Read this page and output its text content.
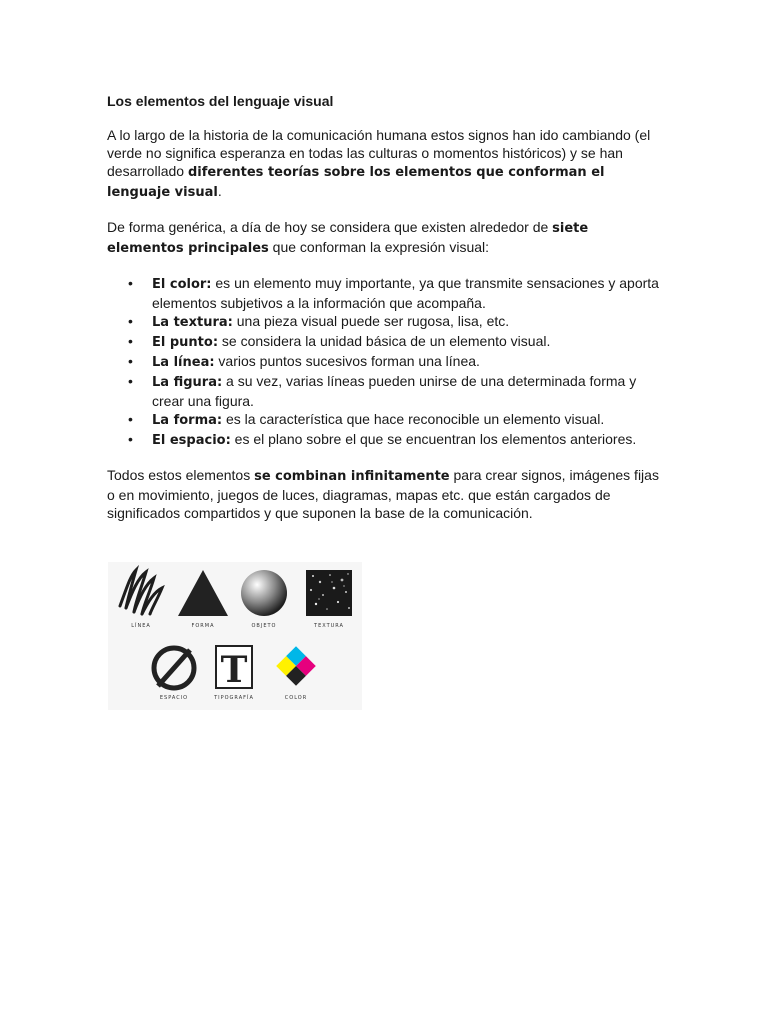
Los elementos del lenguaje visual

A lo largo de la historia de la comunicación humana estos signos han ido cambiando (el verde no significa esperanza en todas las culturas o momentos históricos) y se han desarrollado diferentes teorías sobre los elementos que conforman el lenguaje visual.

De forma genérica, a día de hoy se considera que existen alrededor de siete elementos principales que conforman la expresión visual:

• El color: es un elemento muy importante, ya que transmite sensaciones y aporta elementos subjetivos a la información que acompaña.
• La textura: una pieza visual puede ser rugosa, lisa, etc.
• El punto: se considera la unidad básica de un elemento visual.
• La línea: varios puntos sucesivos forman una línea.
• La figura: a su vez, varias líneas pueden unirse de una determinada forma y crear una figura.
• La forma: es la característica que hace reconocible un elemento visual.
• El espacio: es el plano sobre el que se encuentran los elementos anteriores.

Todos estos elementos se combinan infinitamente para crear signos, imágenes fijas o en movimiento, juegos de luces, diagramas, mapas etc. que están cargados de significados compartidos y que suponen la base de la comunicación.

T
LÍNEA	FORMA	OBJETO	TEXTURA
ESPACIO	TIPOGRAFÍA	COLOR
